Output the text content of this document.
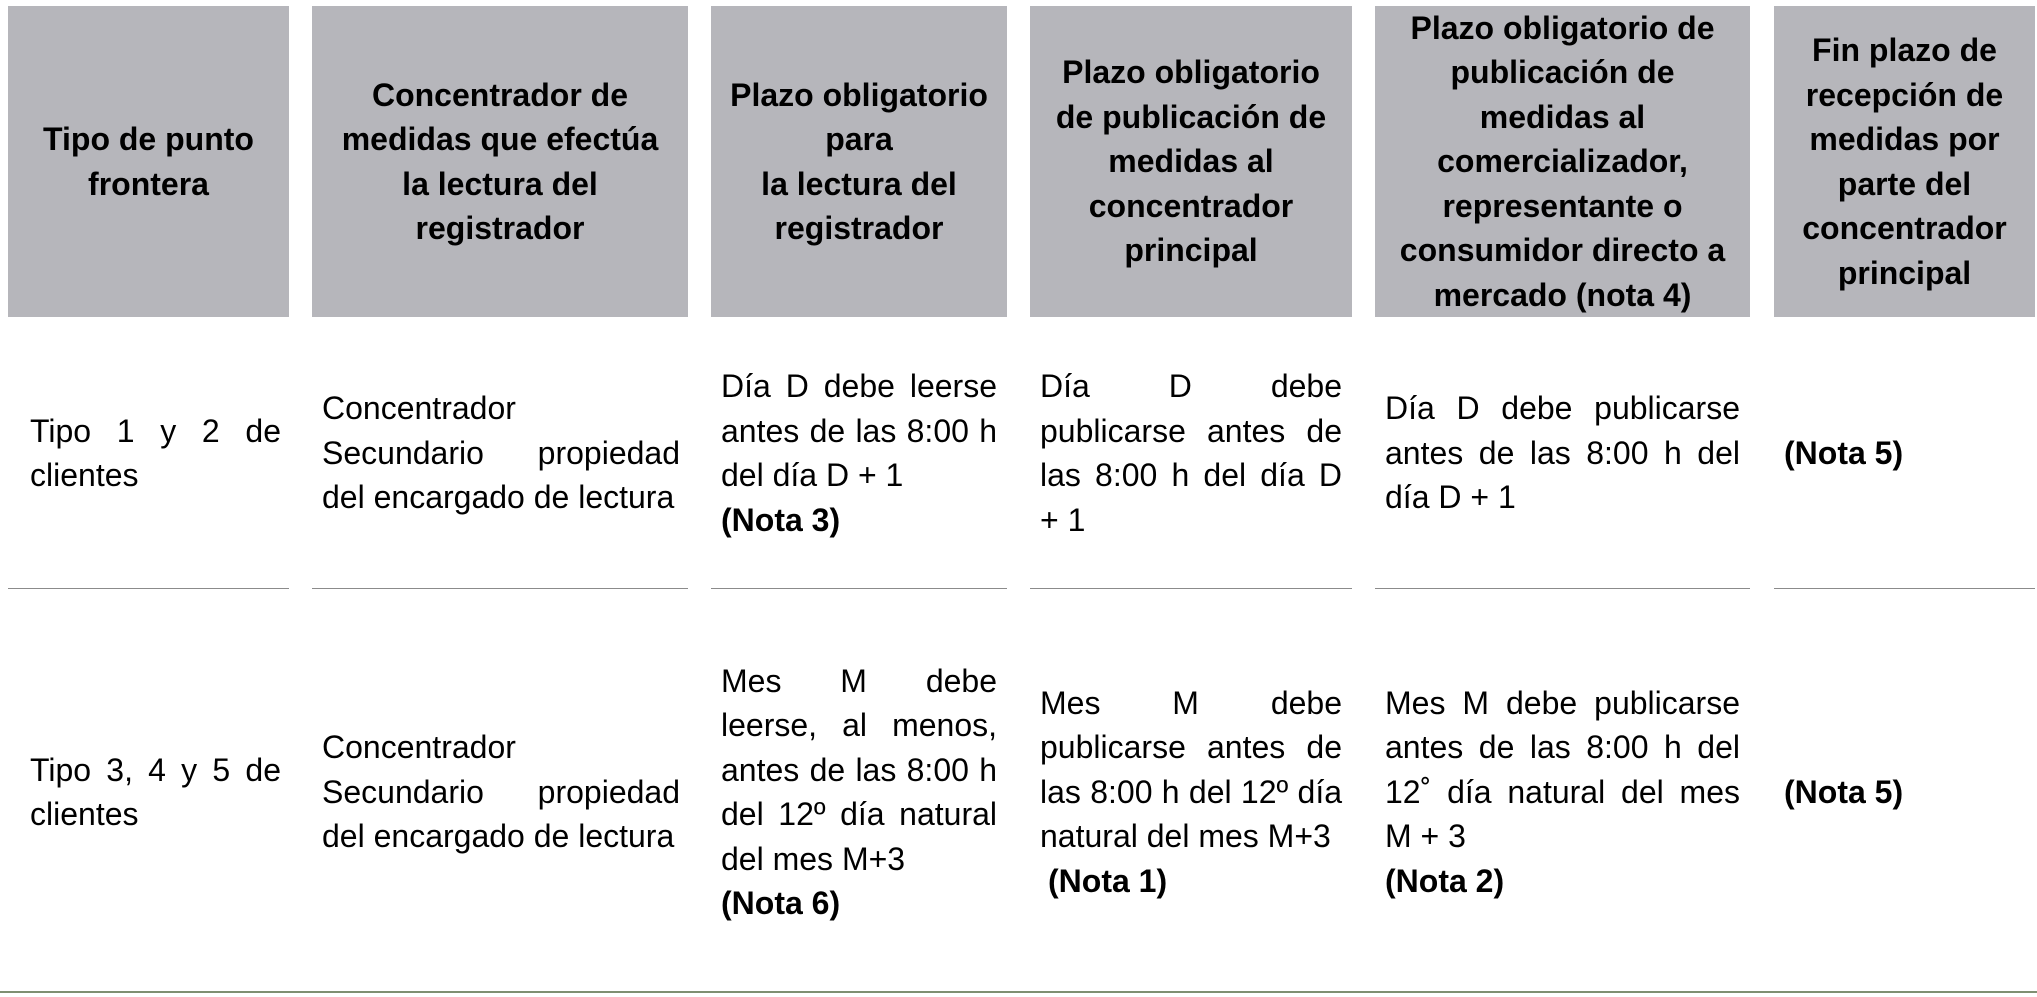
Tipo de punto
frontera
Concentrador de
medidas que efectúa
la lectura del
registrador
Plazo obligatorio
para
la lectura del
registrador
Plazo obligatorio
de publicación de
medidas al
concentrador
principal
Plazo obligatorio de
publicación de
medidas al
comercializador,
representante o
consumidor directo a
mercado (nota 4)
Fin plazo de
recepción de
medidas por
parte del
concentrador
principal
Tipo 1 y 2 de clientes
Concentrador Secundario propiedad del encargado de lectura
Día D debe leerse antes de las 8:00 h del día D + 1
(Nota 3)
Día D debe publicarse antes de las 8:00 h del día D + 1
Día D debe publicarse antes de las 8:00 h del día D + 1
(Nota 5)
Tipo 3, 4 y 5 de clientes
Concentrador Secundario propiedad del encargado de lectura
Mes M debe leerse, al menos, antes de las 8:00 h del 12º día natural del mes M+3
(Nota 6)
Mes M debe publicarse antes de las 8:00 h del 12º día natural del mes M+3
(Nota 1)
Mes M debe publicarse antes de las 8:00 h del 12˚ día natural del mes M + 3
(Nota 2)
(Nota 5)
